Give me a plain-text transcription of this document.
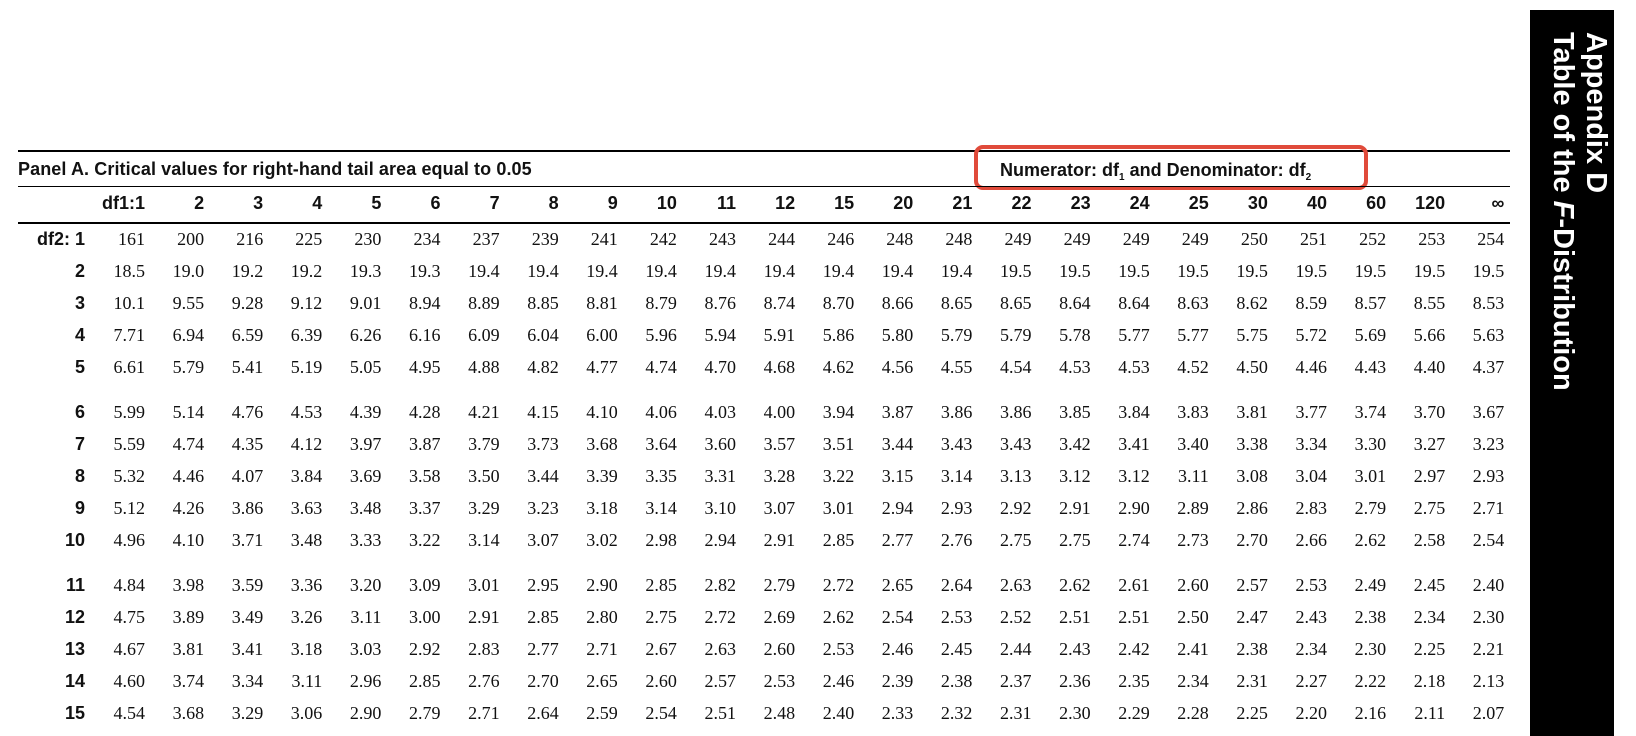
Panel A. Critical values for right-hand tail area equal to 0.05	Numerator: $df_1$ and Denominator: $df_2$
df1:1	2	3	4	5	6	7	8	9	10	11	12	15	20	21	22	23	24	25	30	40	60	120	∞
df2: 1	161	200	216	225	230	234	237	239	241	242	243	244	246	248	248	249	249	249	249	250	251	252	253	254
2	18.5	19.0	19.2	19.2	19.3	19.3	19.4	19.4	19.4	19.4	19.4	19.4	19.4	19.4	19.4	19.5	19.5	19.5	19.5	19.5	19.5	19.5	19.5	19.5
3	10.1	9.55	9.28	9.12	9.01	8.94	8.89	8.85	8.81	8.79	8.76	8.74	8.70	8.66	8.65	8.65	8.64	8.64	8.63	8.62	8.59	8.57	8.55	8.53
4	7.71	6.94	6.59	6.39	6.26	6.16	6.09	6.04	6.00	5.96	5.94	5.91	5.86	5.80	5.79	5.79	5.78	5.77	5.77	5.75	5.72	5.69	5.66	5.63
5	6.61	5.79	5.41	5.19	5.05	4.95	4.88	4.82	4.77	4.74	4.70	4.68	4.62	4.56	4.55	4.54	4.53	4.53	4.52	4.50	4.46	4.43	4.40	4.37
6	5.99	5.14	4.76	4.53	4.39	4.28	4.21	4.15	4.10	4.06	4.03	4.00	3.94	3.87	3.86	3.86	3.85	3.84	3.83	3.81	3.77	3.74	3.70	3.67
7	5.59	4.74	4.35	4.12	3.97	3.87	3.79	3.73	3.68	3.64	3.60	3.57	3.51	3.44	3.43	3.43	3.42	3.41	3.40	3.38	3.34	3.30	3.27	3.23
8	5.32	4.46	4.07	3.84	3.69	3.58	3.50	3.44	3.39	3.35	3.31	3.28	3.22	3.15	3.14	3.13	3.12	3.12	3.11	3.08	3.04	3.01	2.97	2.93
9	5.12	4.26	3.86	3.63	3.48	3.37	3.29	3.23	3.18	3.14	3.10	3.07	3.01	2.94	2.93	2.92	2.91	2.90	2.89	2.86	2.83	2.79	2.75	2.71
10	4.96	4.10	3.71	3.48	3.33	3.22	3.14	3.07	3.02	2.98	2.94	2.91	2.85	2.77	2.76	2.75	2.75	2.74	2.73	2.70	2.66	2.62	2.58	2.54
11	4.84	3.98	3.59	3.36	3.20	3.09	3.01	2.95	2.90	2.85	2.82	2.79	2.72	2.65	2.64	2.63	2.62	2.61	2.60	2.57	2.53	2.49	2.45	2.40
12	4.75	3.89	3.49	3.26	3.11	3.00	2.91	2.85	2.80	2.75	2.72	2.69	2.62	2.54	2.53	2.52	2.51	2.51	2.50	2.47	2.43	2.38	2.34	2.30
13	4.67	3.81	3.41	3.18	3.03	2.92	2.83	2.77	2.71	2.67	2.63	2.60	2.53	2.46	2.45	2.44	2.43	2.42	2.41	2.38	2.34	2.30	2.25	2.21
14	4.60	3.74	3.34	3.11	2.96	2.85	2.76	2.70	2.65	2.60	2.57	2.53	2.46	2.39	2.38	2.37	2.36	2.35	2.34	2.31	2.27	2.22	2.18	2.13
15	4.54	3.68	3.29	3.06	2.90	2.79	2.71	2.64	2.59	2.54	2.51	2.48	2.40	2.33	2.32	2.31	2.30	2.29	2.28	2.25	2.20	2.16	2.11	2.07
Appendix D
Table of the F-Distribution
